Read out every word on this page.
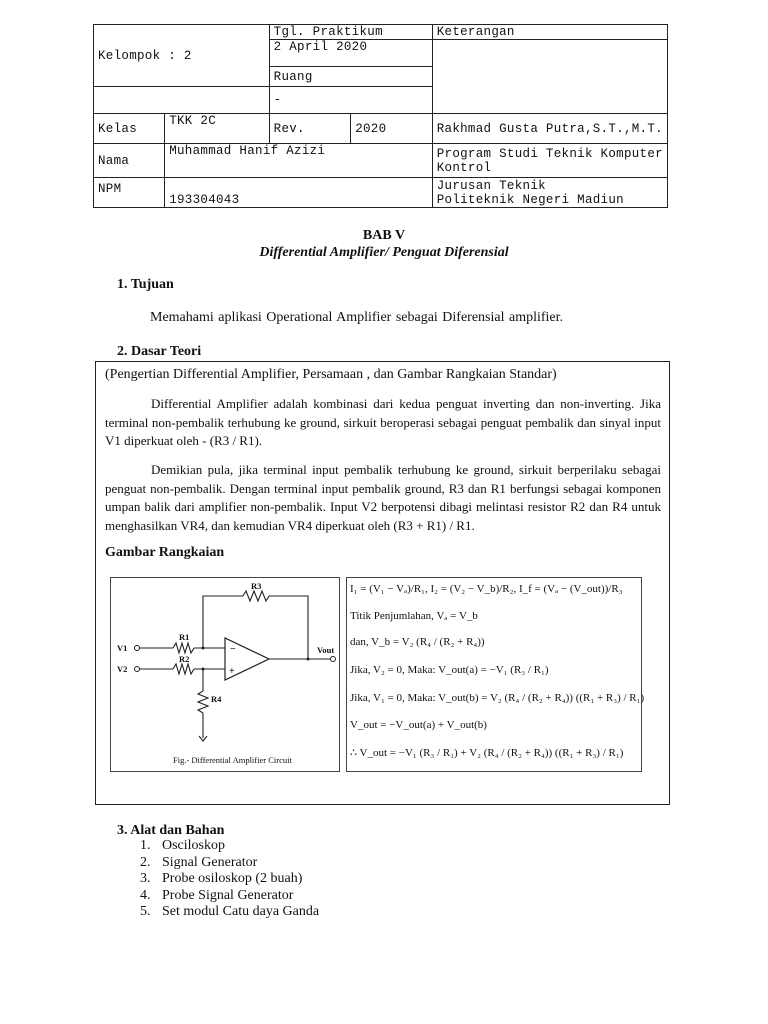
Kelompok : 2		Tgl. Praktikum		Keterangan
		2 April 2020		
		Ruang		
		-		
Kelas	TKK 2C	Rev.	2020	Rakhmad Gusta Putra,S.T.,M.T.
Nama	Muhammad Hanif Azizi			Program Studi Teknik Komputer
Kontrol

NPM	193304043			Jurusan Teknik
Politeknik Negeri Madiun
BAB V
Differential Amplifier/ Penguat Diferensial
1. Tujuan
Memahami aplikasi Operational Amplifier sebagai Diferensial amplifier.
2. Dasar Teori
(Pengertian Differential Amplifier, Persamaan , dan Gambar Rangkaian Standar)
Differential Amplifier adalah kombinasi dari kedua penguat inverting dan non-inverting. Jika terminal non-pembalik terhubung ke ground, sirkuit beroperasi sebagai penguat pembalik dan sinyal input V1 diperkuat oleh - (R3 / R1).
Demikian pula, jika terminal input pembalik terhubung ke ground, sirkuit berperilaku sebagai penguat non-pembalik. Dengan terminal input pembalik ground, R3 dan R1 berfungsi sebagai komponen umpan balik dari amplifier non-pembalik. Input V2 berpotensi dibagi melintasi resistor R2 dan R4 untuk menghasilkan VR4, dan kemudian VR4 diperkuat oleh (R3 + R1) / R1.
Gambar Rangkaian
R3
R1
R2
R4
V1
V2
Vout
−
+
Fig.- Differential Amplifier Circuit
I₁ = (V₁ − Vₐ)/R₁, I₂ = (V₂ − V_b)/R₂, I_f = (Vₐ − (V_out))/R₃
Titik Penjumlahan, Vₐ = V_b
dan, V_b = V₂ (R₄ / (R₂ + R₄))
Jika, V₂ = 0, Maka: V_out(a) = −V₁ (R₃ / R₁)
Jika, V₁ = 0, Maka: V_out(b) = V₂ (R₄ / (R₂ + R₄)) ((R₁ + R₃) / R₁)
V_out = −V_out(a) + V_out(b)
∴ V_out = −V₁ (R₃ / R₁) + V₂ (R₄ / (R₂ + R₄)) ((R₁ + R₃) / R₁)
3. Alat dan Bahan
1. Osciloskop
2. Signal Generator
3. Probe osiloskop (2 buah)
4. Probe Signal Generator
5. Set modul Catu daya Ganda
